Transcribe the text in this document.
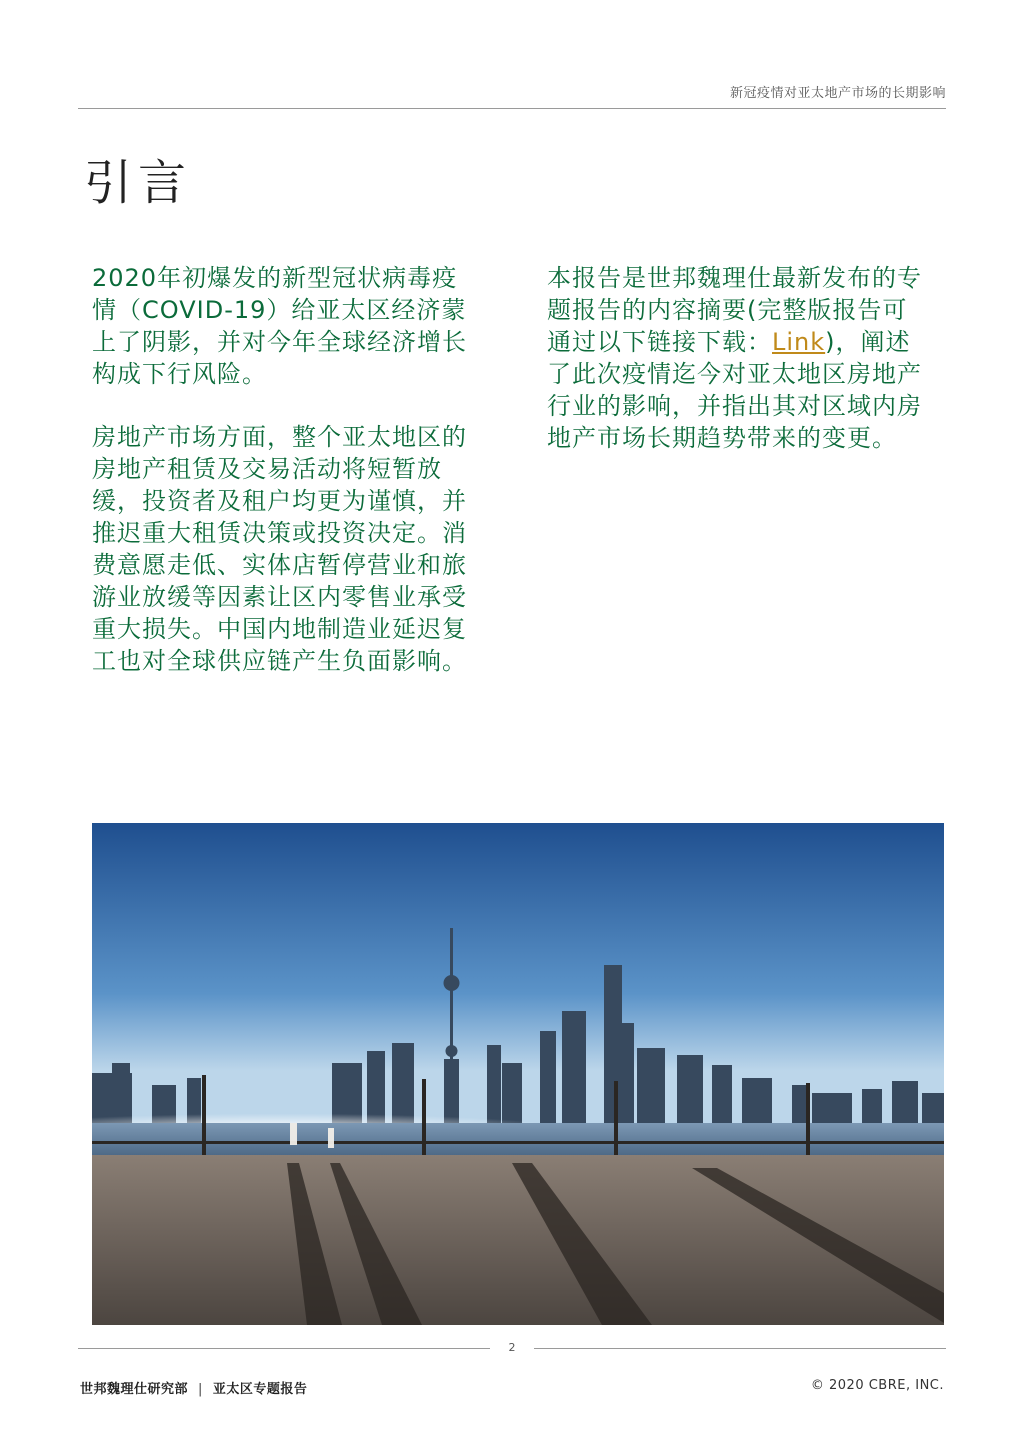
新冠疫情对亚太地产市场的长期影响
引言

2020年初爆发的新型冠状病毒疫情（COVID-19）给亚太区经济蒙上了阴影，并对今年全球经济增长构成下行风险。

房地产市场方面，整个亚太地区的房地产租赁及交易活动将短暂放缓，投资者及租户均更为谨慎，并推迟重大租赁决策或投资决定。消费意愿走低、实体店暂停营业和旅游业放缓等因素让区内零售业承受重大损失。中国内地制造业延迟复工也对全球供应链产生负面影响。

本报告是世邦魏理仕最新发布的专题报告的内容摘要(完整版报告可通过以下链接下载：Link)，阐述了此次疫情迄今对亚太地区房地产行业的影响，并指出其对区域内房地产市场长期趋势带来的变更。

2
世邦魏理仕研究部 | 亚太区专题报告	© 2020 CBRE, INC.
